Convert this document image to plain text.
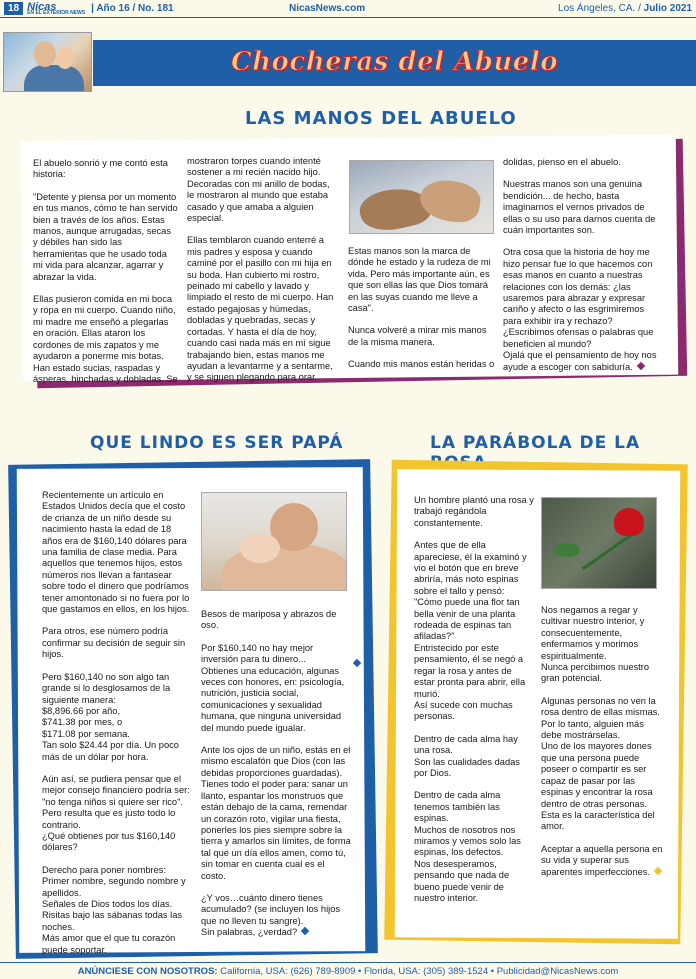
18 Nicas
EN EL EXTERIOR NEWS | Año 16 / No. 181	NicasNews.com	Los Ángeles, CA. / Julio 2021
Chocheras del Abuelo
LAS MANOS DEL ABUELO

El abuelo sonrió y me contó esta historia:

"Detente y piensa por un momento en tus manos, cómo te han servido bien a través de los años. Estas manos, aunque arrugadas, secas y débiles han sido las herramientas que he usado toda mi vida para alcanzar, agarrar y abrazar la vida.

Ellas pusieron comida en mi boca y ropa en mi cuerpo. Cuando niño, mi madre me enseñó a plegarlas en oración. Ellas ataron los cordones de mis zapatos y me ayudaron a ponerme mis botas. Han estado sucias, raspadas y ásperas, hinchadas y dobladas. Se

mostraron torpes cuando intenté sostener a mi recién nacido hijo. Decoradas con mi anillo de bodas, le mostraron al mundo que estaba casado y que amaba a alguien especial.

Ellas temblaron cuando enterré a mis padres y esposa y cuando caminé por el pasillo con mi hija en su boda. Han cubierto mi rostro, peinado mi cabello y lavado y limpiado el resto de mi cuerpo. Han estado pegajosas y húmedas, dobladas y quebradas, secas y cortadas. Y hasta el día de hoy, cuando casi nada más en mí sigue trabajando bien, estas manos me ayudan a levantarme y a sentarme, y se siguen plegando para orar.

Estas manos son la marca de dónde he estado y la rudeza de mi vida. Pero más importante aún, es que son ellas las que Dios tomará en las suyas cuando me lleve a casa".

Nunca volveré a mirar mis manos de la misma manera.

Cuando mis manos están heridas o

dolidas, pienso en el abuelo.

Nuestras manos son una genuina bendición... de hecho, basta imaginarnos el vernos privados de ellas o su uso para darnos cuenta de cuán importantes son.

Otra cosa que la historia de hoy me hizo pensar fue lo que hacemos con esas manos en cuanto a nuestras relaciones con los demás: ¿las usaremos para abrazar y expresar cariño y afecto o las esgrimiremos para exhibir ira y rechazo? ¿Escribimos ofensas o palabras que beneficien al mundo?

Ojalá que el pensamiento de hoy nos ayude a escoger con sabiduría.

QUE LINDO ES SER PAPÁ

Recientemente un artículo en Estados Unidos decía que el costo de crianza de un niño desde su nacimiento hasta la edad de 18 años era de $160,140 dólares para una familia de clase media. Para aquellos que tenemos hijos, estos números nos llevan a fantasear sobre todo el dinero que podríamos tener amontonado si no fuera por lo que gastamos en ellos, en los hijos.

Para otros, ese número podría confirmar su decisión de seguir sin hijos.

Pero $160,140 no son algo tan grande si lo desglosamos de la siguiente manera:

$8,896.66 por año,
$741.38 por mes, o
$171.08 por semana.

Tan solo $24.44 por día. Un poco más de un dólar por hora.

Aún así, se pudiera pensar que el mejor consejo financiero podría ser: "no tenga niños si quiere ser rico". Pero resulta que es justo todo lo contrario.

¿Qué obtienes por tus $160,140 dólares?

Derecho para poner nombres: Primer nombre, segundo nombre y apellidos.
Señales de Dios todos los días.
Risitas bajo las sábanas todas las noches.
Más amor que el que tu corazón puede soportar.

Besos de mariposa y abrazos de oso.

Por $160,140 no hay mejor inversión para tu dinero...

Obtienes una educación, algunas veces con honores, en: psicología, nutrición, justicia social, comunicaciones y sexualidad humana, que ninguna universidad del mundo puede igualar.

Ante los ojos de un niño, estás en el mismo escalafón que Dios (con las debidas proporciones guardadas). Tienes todo el poder para: sanar un llanto, espantar los monstruos que están debajo de la cama, remendar un corazón roto, vigilar una fiesta, ponerles los pies siempre sobre la tierra y amarlos sin límites, de forma tal que un día ellos amen, como tú, sin tomar en cuenta cual es el costo.

¿Y vos…cuánto dinero tienes acumulado? (se incluyen los hijos que no lleven tu sangre).

Sin palabras, ¿verdad?

LA PARÁBOLA DE LA

Un hombre plantó una rosa y trabajó regándola constantemente.

Antes que de ella apareciese, él la examinó y vio el botón que en breve abriría, más noto espinas sobre el tallo y pensó:

"Cómo puede una flor tan bella venir de una planta rodeada de espinas tan afiladas?"
Entristecido por este pensamiento, él se negó a regar la rosa y antes de estar pronta para abrir, ella murió.

Así sucede con muchas personas.

Dentro de cada alma hay una rosa.

Son las cualidades dadas por Dios.

Dentro de cada alma tenemos también las espinas.
Muchos de nosotros nos miramos y vemos solo las espinas, los defectos.
Nos desesperamos, pensando que nada de bueno puede venir de nuestro interior.

Nos negamos a regar y cultivar nuestro interior, y consecuentemente, enfermamos y morimos espiritualmente.

Nunca percibimos nuestro gran potencial.

Algunas personas no ven la rosa dentro de ellas mismas.
Por lo tanto, alguien más debe mostrárselas.
Uno de los mayores dones que una persona puede poseer o compartir es ser capaz de pasar por las espinas y encontrar la rosa dentro de otras personas.

Esta es la característica del amor.

Aceptar a aquella persona en su vida y superar sus aparentes imperfecciones.

ANÚNCIESE CON NOSOTROS: California, USA: (626) 789-8909 • Florida, USA: (305) 389-1524 • Publicidad@NicasNews.com
